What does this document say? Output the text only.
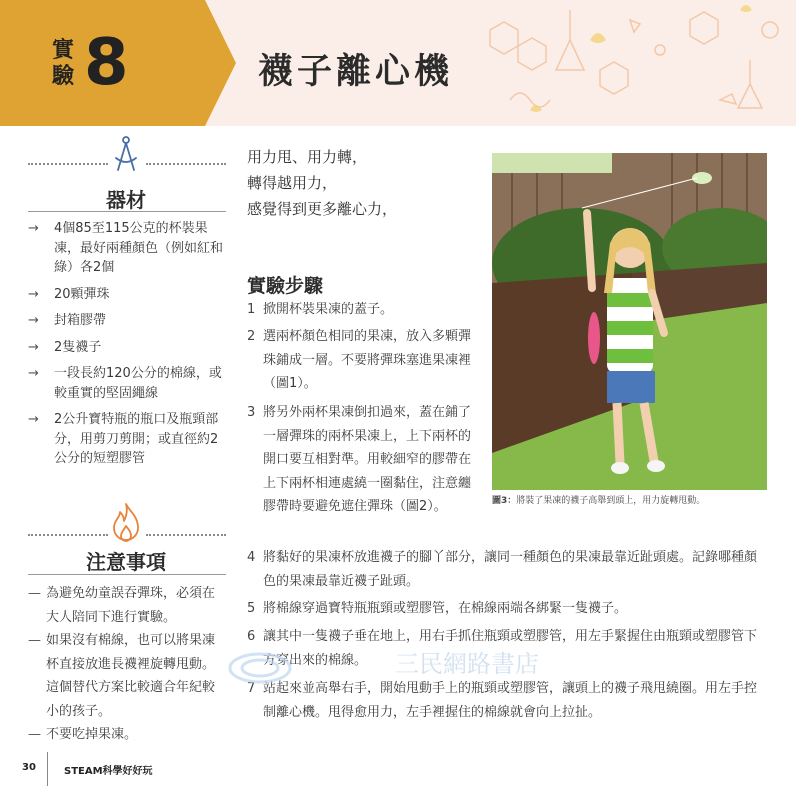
實驗 8	襪子離心機
器材
→ 4個85至115公克的杯裝果凍，最好兩種顏色（例如紅和綠）各2個
→ 20顆彈珠
→ 封箱膠帶
→ 2隻襪子
→ 一段長約120公分的棉線，或較重實的堅固繩線
→ 2公升寶特瓶的瓶口及瓶頸部分，用剪刀剪開；或直徑約2公分的短塑膠管
注意事項
— 為避免幼童誤吞彈珠，必須在大人陪同下進行實驗。
— 如果沒有棉線，也可以將果凍杯直接放進長襪裡旋轉甩動。這個替代方案比較適合年紀較小的孩子。
— 不要吃掉果凍。
用力甩、用力轉，
轉得越用力，
感覺得到更多離心力，
實驗步驟
1 掀開杯裝果凍的蓋子。
2 選兩杯顏色相同的果凍，放入多顆彈珠鋪成一層。不要將彈珠塞進果凍裡（圖1）。
3 將另外兩杯果凍倒扣過來，蓋在鋪了一層彈珠的兩杯果凍上，上下兩杯的開口要互相對準。用較細窄的膠帶在上下兩杯相連處繞一圈黏住，注意纏膠帶時要避免遮住彈珠（圖2）。
4 將黏好的果凍杯放進襪子的腳丫部分，讓同一種顏色的果凍最靠近趾頭處。記錄哪種顏色的果凍最靠近襪子趾頭。
5 將棉線穿過寶特瓶瓶頸或塑膠管，在棉線兩端各綁緊一隻襪子。
6 讓其中一隻襪子垂在地上，用右手抓住瓶頸或塑膠管，用左手緊握住由瓶頸或塑膠管下方穿出來的棉線。
7 站起來並高舉右手，開始甩動手上的瓶頸或塑膠管，讓頭上的襪子飛甩繞圈。用左手控制離心機。甩得愈用力，左手裡握住的棉線就會向上拉扯。
圖3：將裝了果凍的襪子高舉到頭上，用力旋轉甩動。
三民網路書店
30	STEAM科學好好玩
